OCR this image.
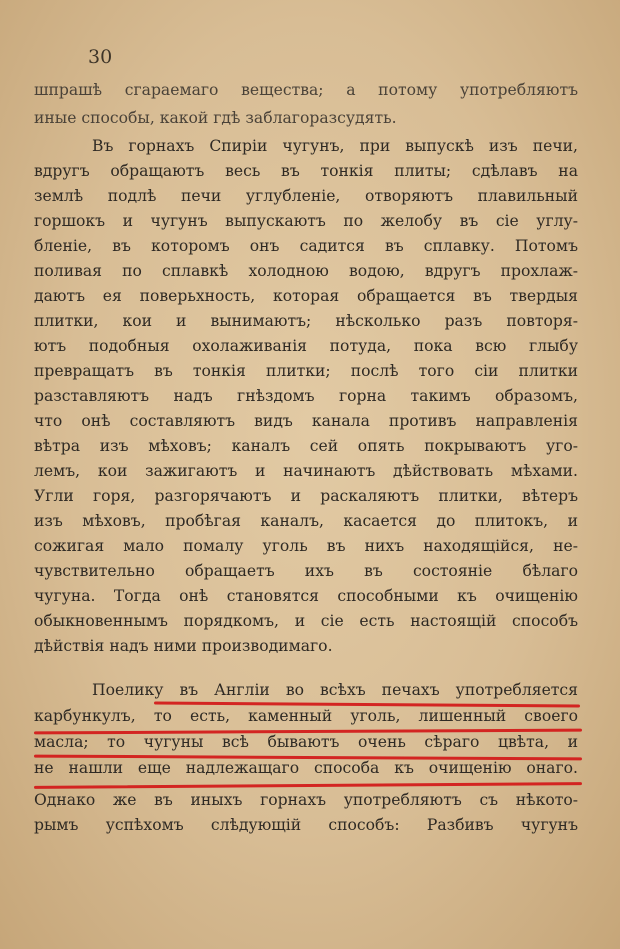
30
шпрашѣ сгараемаго вещества; а потому употребляютъ
иные способы, какой гдѣ заблагоразсудять.
Въ горнахъ Спирiи чугунъ, при выпускѣ изъ печи,
вдругъ обращаютъ весь въ тонкiя плиты; сдѣлавъ на
землѣ подлѣ печи углубленiе, отворяютъ плавильный
горшокъ и чугунъ выпускаютъ по желобу въ сiе углу-
бленiе, въ которомъ онъ садится въ сплавку. Потомъ
поливая по сплавкѣ холодною водою, вдругъ прохлаж-
даютъ ея поверьхность, которая обращается въ твердыя
плитки, кои и вынимаютъ; нѣсколько разъ повторя-
ютъ подобныя охолаживанiя потуда, пока всю глыбу
превращатъ въ тонкiя плитки; послѣ того сiи плитки
разставляютъ надъ гнѣздомъ горна такимъ образомъ,
что онѣ составляютъ видъ канала противъ направленiя
вѣтра изъ мѣховъ; каналъ сей опять покрываютъ уго-
лемъ, кои зажигаютъ и начинаютъ дѣйствовать мѣхами.
Угли горя, разгорячаютъ и раскаляютъ плитки, вѣтеръ
изъ мѣховъ, пробѣгая каналъ, касается до плитокъ, и
сожигая мало помалу уголь въ нихъ находящiйся, не-
чувствительно обращаетъ ихъ въ состоянiе бѣлаго
чугуна. Тогда онѣ становятся способными къ очищенiю
обыкновеннымъ порядкомъ, и сiе есть настоящiй способъ
дѣйствiя надъ ними производимаго.
Поелику въ Англiи во всѣхъ печахъ употребляется
карбункулъ, то есть, каменный уголь, лишенный своего
масла; то чугуны всѣ бываютъ очень сѣраго цвѣта, и
не нашли еще надлежащаго способа къ очищенiю онаго.
Однако же въ иныхъ горнахъ употребляютъ съ нѣкото-
рымъ успѣхомъ слѣдующiй способъ: Разбивъ чугунъ
